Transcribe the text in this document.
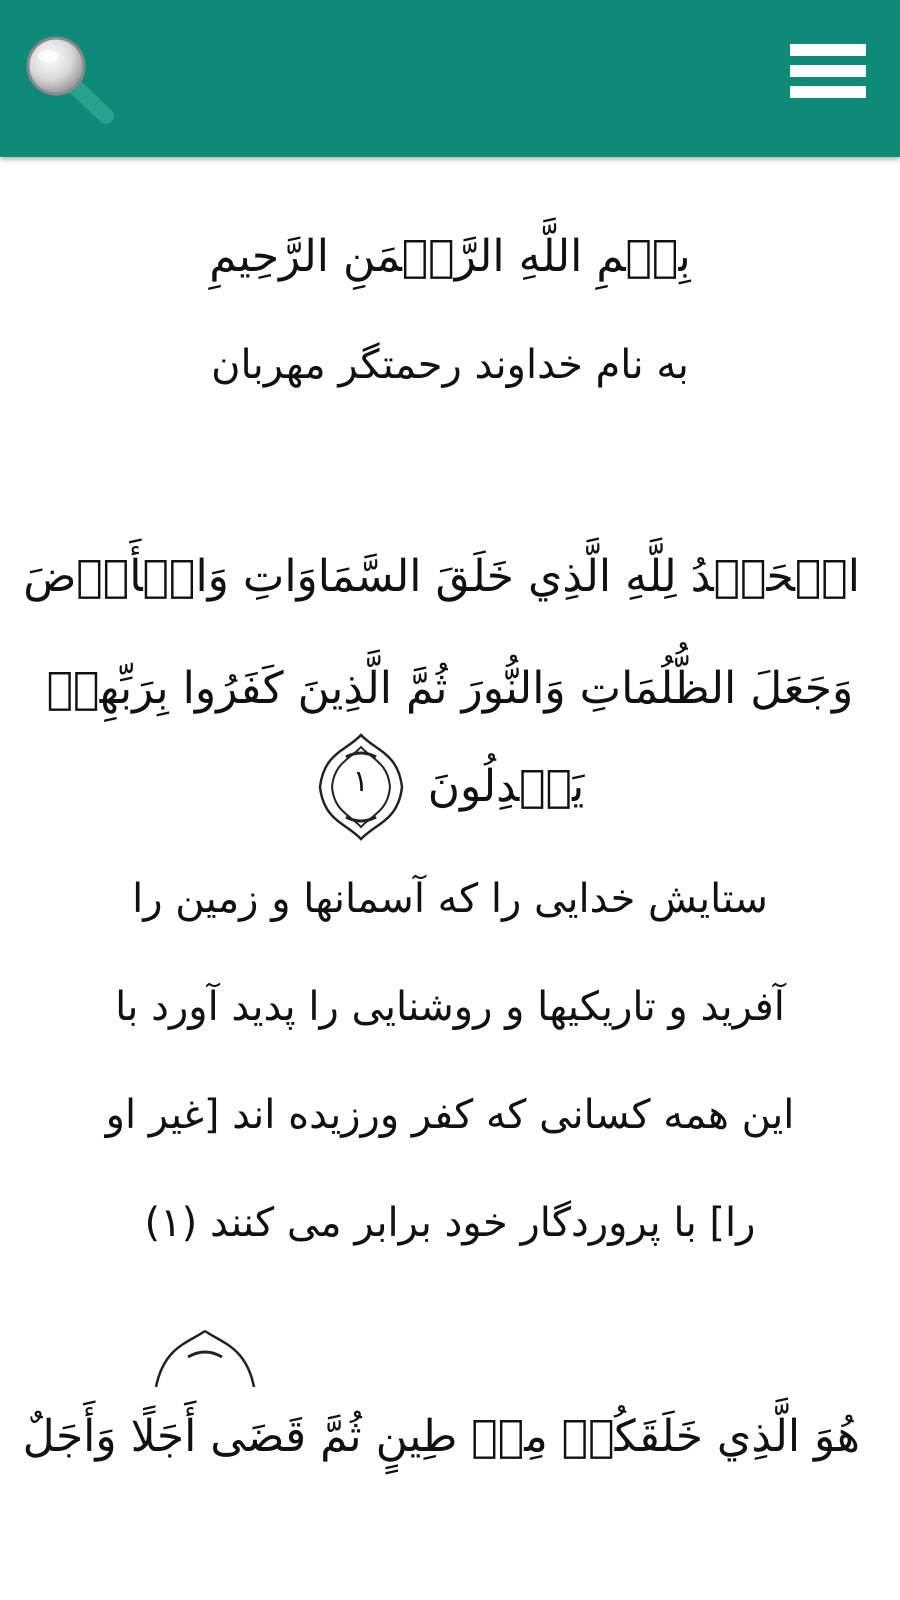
بِسۡمِ اللَّهِ الرَّحۡمَنِ الرَّحِيمِ
به نام خداوند رحمتگر مهربان
الۡحَمۡدُ لِلَّهِ الَّذِي خَلَقَ السَّمَاوَاتِ وَالۡأَرۡضَ
وَجَعَلَ الظُّلُمَاتِ وَالنُّورَ ثُمَّ الَّذِينَ كَفَرُوا بِرَبِّهِمۡ
يَعۡدِلُونَ
١
ستایش خدایی را که آسمانها و زمین را
آفرید و تاریکیها و روشنایی را پدید آورد با
این همه کسانی که کفر ورزیده اند [غیر او
را] با پروردگار خود برابر می کنند (۱)
هُوَ الَّذِي خَلَقَكُمۡ مِنۡ طِينٍ ثُمَّ قَضَى أَجَلًا وَأَجَلٌ
